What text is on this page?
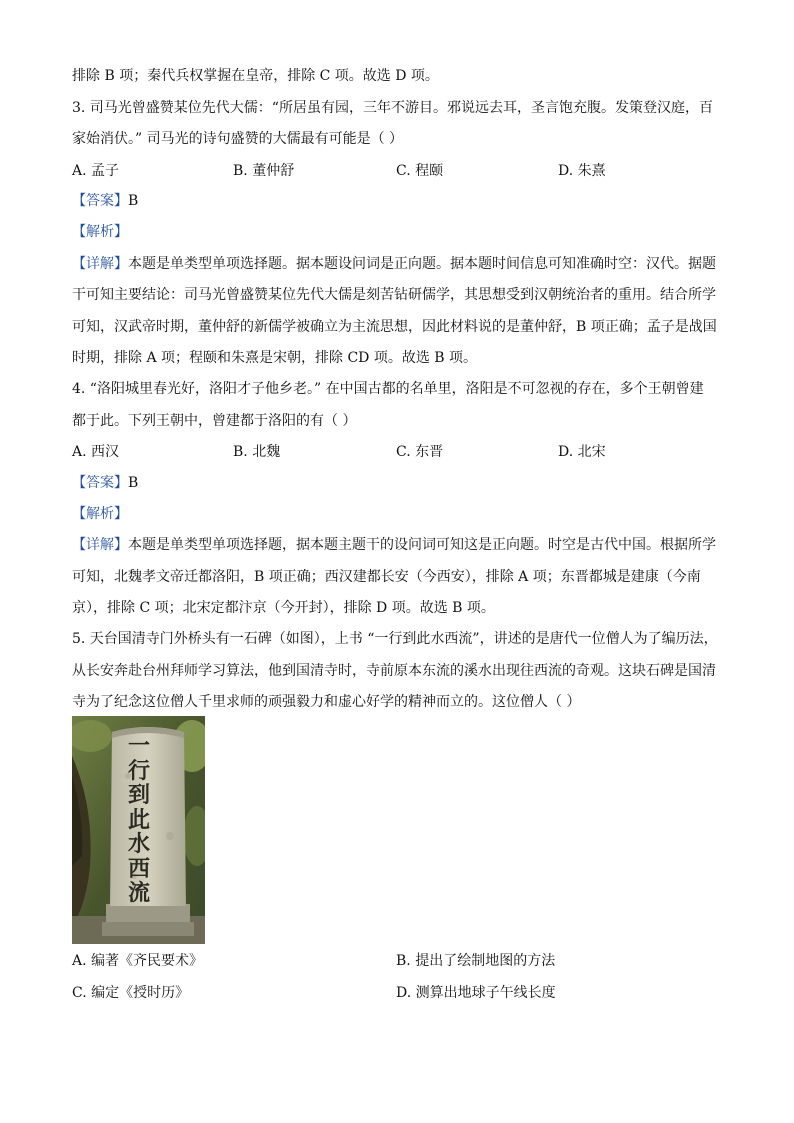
排除 B 项；秦代兵权掌握在皇帝，排除 C 项。故选 D 项。
3. 司马光曾盛赞某位先代大儒：“所居虽有园，三年不游目。邪说远去耳，圣言饱充腹。发策登汉庭，百
家始消伏。” 司马光的诗句盛赞的大儒最有可能是（ ）
A. 孟子	B. 董仲舒	C. 程颐	D. 朱熹
【答案】B
【解析】
【详解】本题是单类型单项选择题。据本题设问词是正向题。据本题时间信息可知准确时空：汉代。据题
干可知主要结论：司马光曾盛赞某位先代大儒是刻苦钻研儒学，其思想受到汉朝统治者的重用。结合所学
可知，汉武帝时期，董仲舒的新儒学被确立为主流思想，因此材料说的是董仲舒，B 项正确；孟子是战国
时期，排除 A 项；程颐和朱熹是宋朝，排除 CD 项。故选 B 项。
4. “洛阳城里春光好，洛阳才子他乡老。” 在中国古都的名单里，洛阳是不可忽视的存在，多个王朝曾建
都于此。下列王朝中，曾建都于洛阳的有（ ）
A. 西汉	B. 北魏	C. 东晋	D. 北宋
【答案】B
【解析】
【详解】本题是单类型单项选择题，据本题主题干的设问词可知这是正向题。时空是古代中国。根据所学
可知，北魏孝文帝迁都洛阳，B 项正确；西汉建都长安（今西安），排除 A 项；东晋都城是建康（今南
京），排除 C 项；北宋定都汴京（今开封），排除 D 项。故选 B 项。
5. 天台国清寺门外桥头有一石碑（如图），上书 “一行到此水西流”，讲述的是唐代一位僧人为了编历法，
从长安奔赴台州拜师学习算法，他到国清寺时，寺前原本东流的溪水出现往西流的奇观。这块石碑是国清
寺为了纪念这位僧人千里求师的顽强毅力和虚心好学的精神而立的。这位僧人（ ）
一行到此水西流
A. 编著《齐民要术》	B. 提出了绘制地图的方法
C. 编定《授时历》	D. 测算出地球子午线长度
